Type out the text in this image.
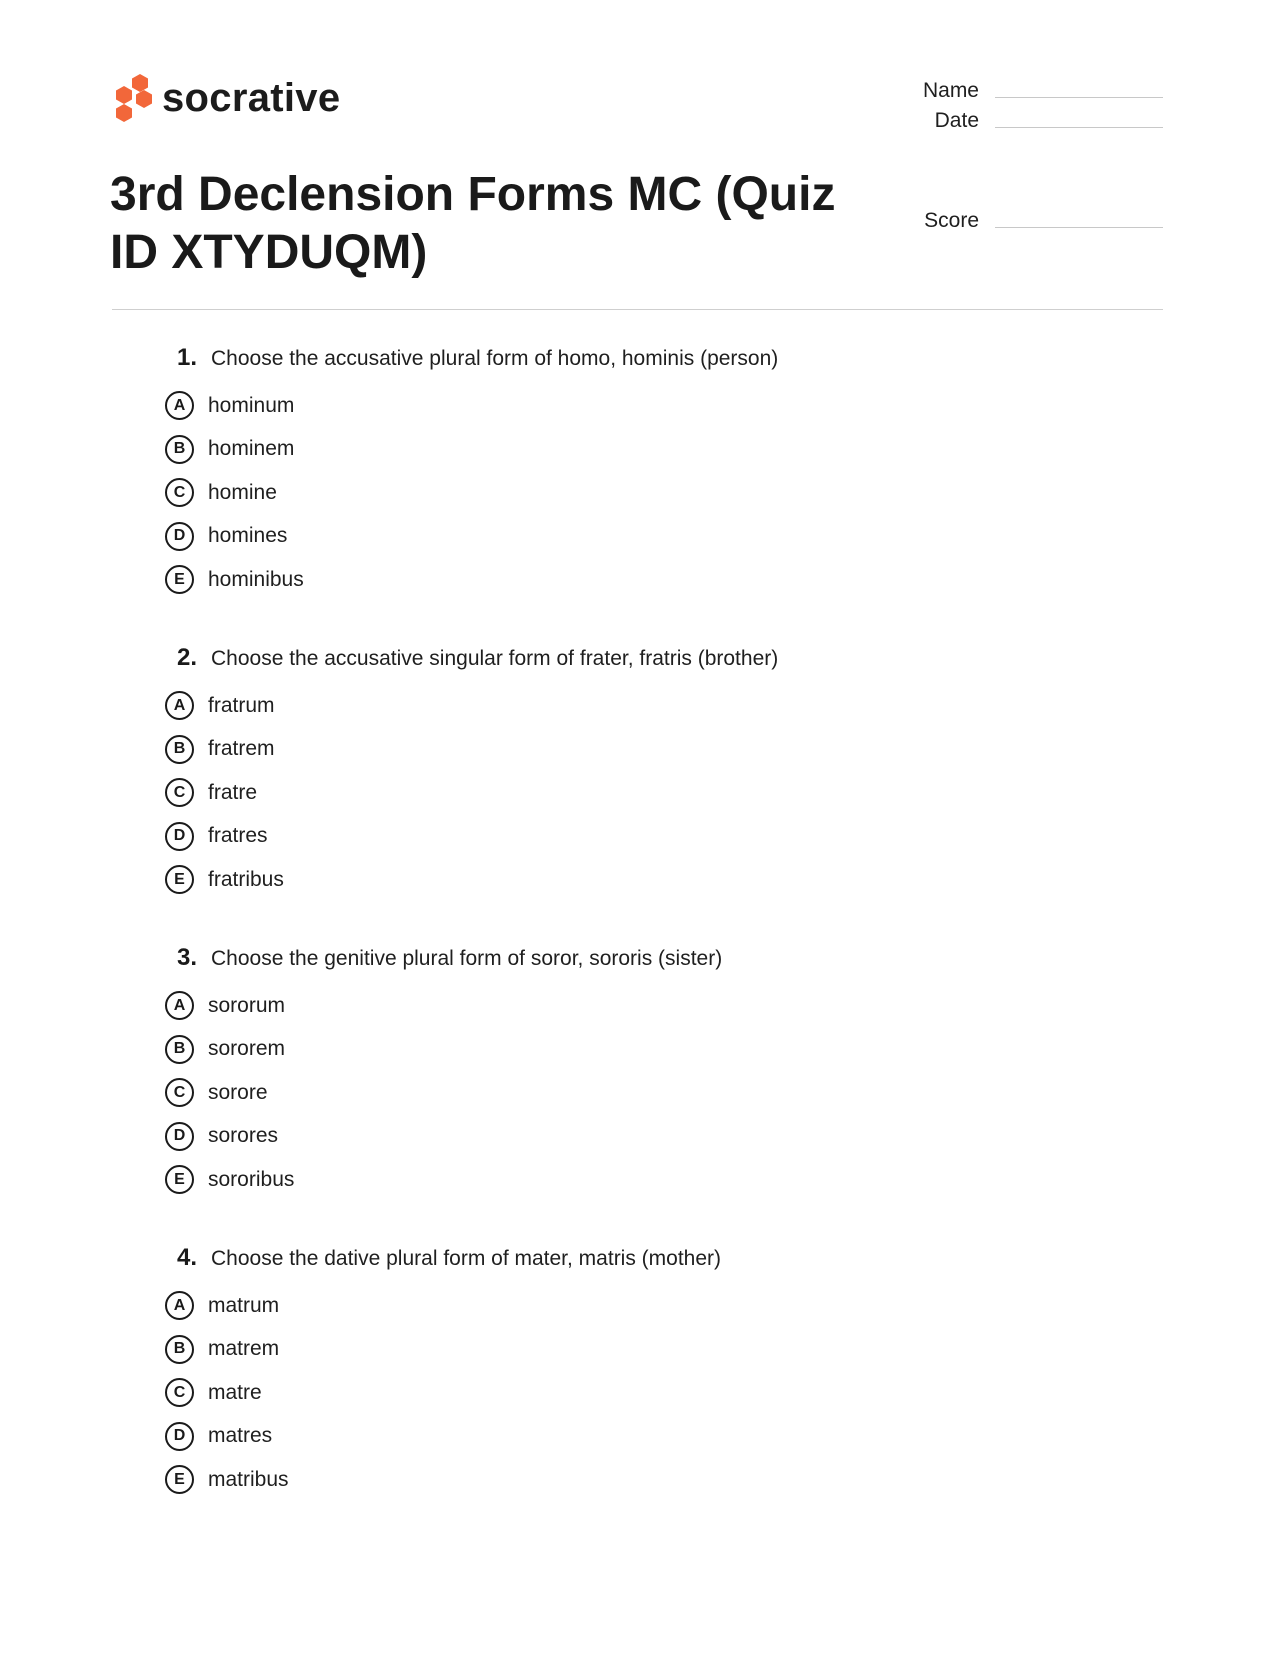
socrative
3rd Declension Forms MC (Quiz ID XTYDUQM)
Name
Date
Score
1. Choose the accusative plural form of homo, hominis (person)
A	hominum
B	hominem
C	homine
D	homines
E	hominibus
2. Choose the accusative singular form of frater, fratris (brother)
A	fratrum
B	fratrem
C	fratre
D	fratres
E	fratribus
3. Choose the genitive plural form of soror, sororis (sister)
A	sororum
B	sororem
C	sorore
D	sorores
E	sororibus
4. Choose the dative plural form of mater, matris (mother)
A	matrum
B	matrem
C	matre
D	matres
E	matribus
